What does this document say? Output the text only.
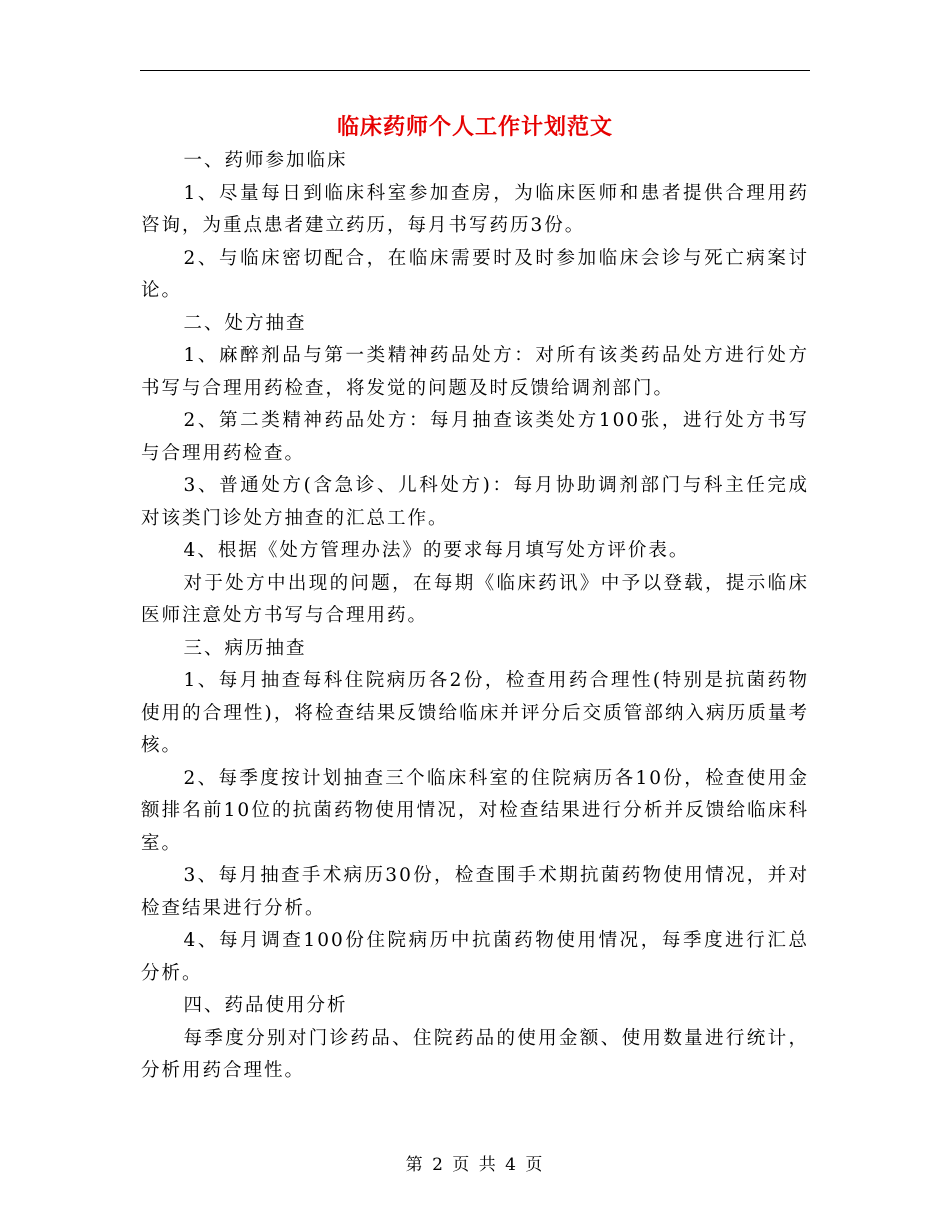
临床药师个人工作计划范文

一、药师参加临床

1、尽量每日到临床科室参加查房，为临床医师和患者提供合理用药咨询，为重点患者建立药历，每月书写药历3份。

2、与临床密切配合，在临床需要时及时参加临床会诊与死亡病案讨论。

二、处方抽查

1、麻醉剂品与第一类精神药品处方：对所有该类药品处方进行处方书写与合理用药检查，将发觉的问题及时反馈给调剂部门。

2、第二类精神药品处方：每月抽查该类处方100张，进行处方书写与合理用药检查。

3、普通处方(含急诊、儿科处方)：每月协助调剂部门与科主任完成对该类门诊处方抽查的汇总工作。

4、根据《处方管理办法》的要求每月填写处方评价表。

对于处方中出现的问题，在每期《临床药讯》中予以登载，提示临床医师注意处方书写与合理用药。

三、病历抽查

1、每月抽查每科住院病历各2份，检查用药合理性(特别是抗菌药物使用的合理性)，将检查结果反馈给临床并评分后交质管部纳入病历质量考核。

2、每季度按计划抽查三个临床科室的住院病历各10份，检查使用金额排名前10位的抗菌药物使用情况，对检查结果进行分析并反馈给临床科室。

3、每月抽查手术病历30份，检查围手术期抗菌药物使用情况，并对检查结果进行分析。

4、每月调查100份住院病历中抗菌药物使用情况，每季度进行汇总分析。

四、药品使用分析

每季度分别对门诊药品、住院药品的使用金额、使用数量进行统计，分析用药合理性。

第 2 页 共 4 页
